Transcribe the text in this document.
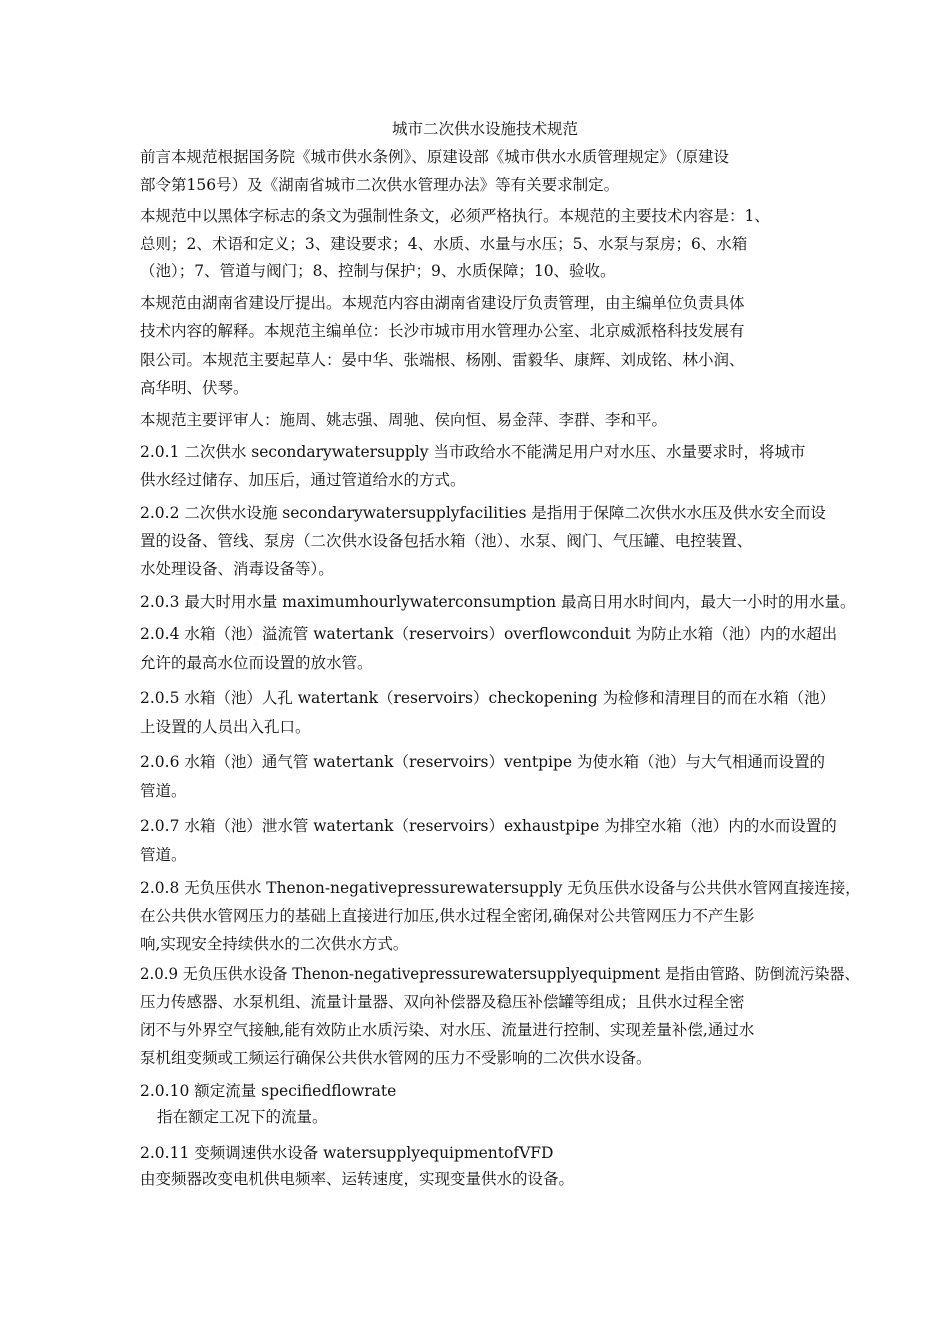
城市二次供水设施技术规范
前言本规范根据国务院《城市供水条例》、原建设部《城市供水水质管理规定》（原建设
部令第156号）及《湖南省城市二次供水管理办法》等有关要求制定。
本规范中以黑体字标志的条文为强制性条文，必须严格执行。本规范的主要技术内容是：1、
总则；2、术语和定义；3、建设要求；4、水质、水量与水压；5、水泵与泵房；6、水箱
（池）；7、管道与阀门；8、控制与保护；9、水质保障；10、验收。
本规范由湖南省建设厅提出。本规范内容由湖南省建设厅负责管理，由主编单位负责具体
技术内容的解释。本规范主编单位：长沙市城市用水管理办公室、北京威派格科技发展有
限公司。本规范主要起草人：晏中华、张端根、杨刚、雷毅华、康辉、刘成铭、林小润、
高华明、伏琴。
本规范主要评审人：施周、姚志强、周驰、侯向恒、易金萍、李群、李和平。
2.0.1 二次供水 secondarywatersupply 当市政给水不能满足用户对水压、水量要求时，将城市
供水经过储存、加压后，通过管道给水的方式。
2.0.2 二次供水设施 secondarywatersupplyfacilities 是指用于保障二次供水水压及供水安全而设
置的设备、管线、泵房（二次供水设备包括水箱（池）、水泵、阀门、气压罐、电控装置、
水处理设备、消毒设备等）。
2.0.3 最大时用水量 maximumhourlywaterconsumption 最高日用水时间内，最大一小时的用水量。
2.0.4 水箱（池）溢流管 watertank（reservoirs）overflowconduit 为防止水箱（池）内的水超出
允许的最高水位而设置的放水管。
2.0.5 水箱（池）人孔 watertank（reservoirs）checkopening 为检修和清理目的而在水箱（池）
上设置的人员出入孔口。
2.0.6 水箱（池）通气管 watertank（reservoirs）ventpipe 为使水箱（池）与大气相通而设置的
管道。
2.0.7 水箱（池）泄水管 watertank（reservoirs）exhaustpipe 为排空水箱（池）内的水而设置的
管道。
2.0.8 无负压供水 Thenon-negativepressurewatersupply 无负压供水设备与公共供水管网直接连接，
在公共供水管网压力的基础上直接进行加压,供水过程全密闭,确保对公共管网压力不产生影
响,实现安全持续供水的二次供水方式。
2.0.9 无负压供水设备 Thenon-negativepressurewatersupplyequipment 是指由管路、防倒流污染器、
压力传感器、水泵机组、流量计量器、双向补偿器及稳压补偿罐等组成；且供水过程全密
闭不与外界空气接触,能有效防止水质污染、对水压、流量进行控制、实现差量补偿,通过水
泵机组变频或工频运行确保公共供水管网的压力不受影响的二次供水设备。
2.0.10 额定流量 specifiedflowrate
指在额定工况下的流量。
2.0.11 变频调速供水设备 watersupplyequipmentofVFD
由变频器改变电机供电频率、运转速度，实现变量供水的设备。
